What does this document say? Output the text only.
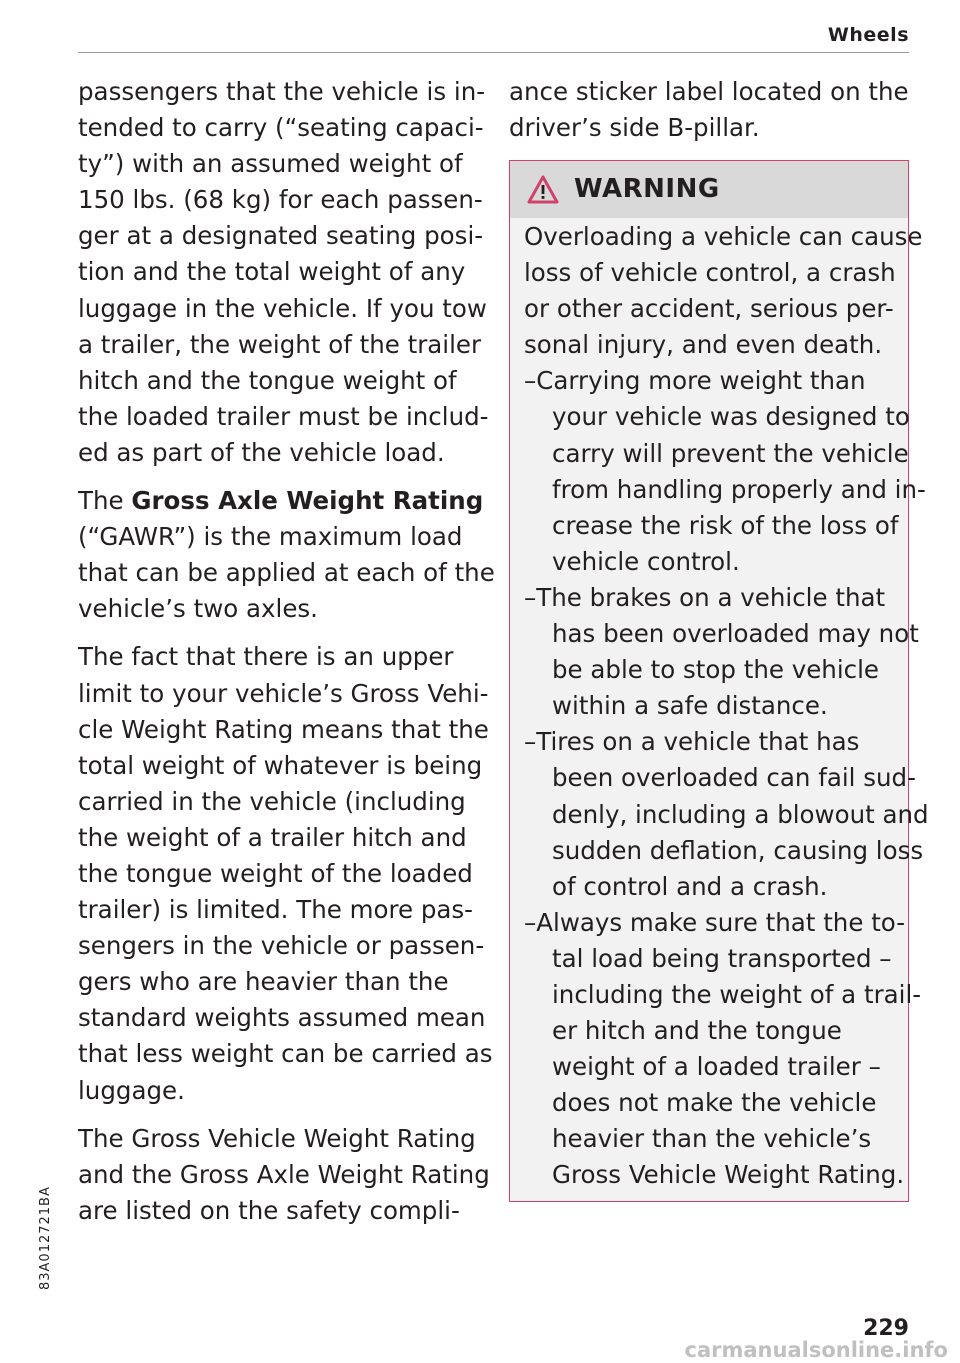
Wheels
passengers that the vehicle is in-
tended to carry (“seating capaci-
ty”) with an assumed weight of
150 lbs. (68 kg) for each passen-
ger at a designated seating posi-
tion and the total weight of any
luggage in the vehicle. If you tow
a trailer, the weight of the trailer
hitch and the tongue weight of
the loaded trailer must be includ-
ed as part of the vehicle load.
The Gross Axle Weight Rating
(“GAWR”) is the maximum load
that can be applied at each of the
vehicle’s two axles.
The fact that there is an upper
limit to your vehicle’s Gross Vehi-
cle Weight Rating means that the
total weight of whatever is being
carried in the vehicle (including
the weight of a trailer hitch and
the tongue weight of the loaded
trailer) is limited. The more pas-
sengers in the vehicle or passen-
gers who are heavier than the
standard weights assumed mean
that less weight can be carried as
luggage.
The Gross Vehicle Weight Rating
and the Gross Axle Weight Rating
are listed on the safety compli-
ance sticker label located on the
driver’s side B-pillar.
WARNING
Overloading a vehicle can cause
loss of vehicle control, a crash
or other accident, serious per-
sonal injury, and even death.
–Carrying more weight than
your vehicle was designed to
carry will prevent the vehicle
from handling properly and in-
crease the risk of the loss of
vehicle control.
–The brakes on a vehicle that
has been overloaded may not
be able to stop the vehicle
within a safe distance.
–Tires on a vehicle that has
been overloaded can fail sud-
denly, including a blowout and
sudden deflation, causing loss
of control and a crash.
–Always make sure that the to-
tal load being transported –
including the weight of a trail-
er hitch and the tongue
weight of a loaded trailer –
does not make the vehicle
heavier than the vehicle’s
Gross Vehicle Weight Rating.
83A012721BA
229
carmanualsonline.info
